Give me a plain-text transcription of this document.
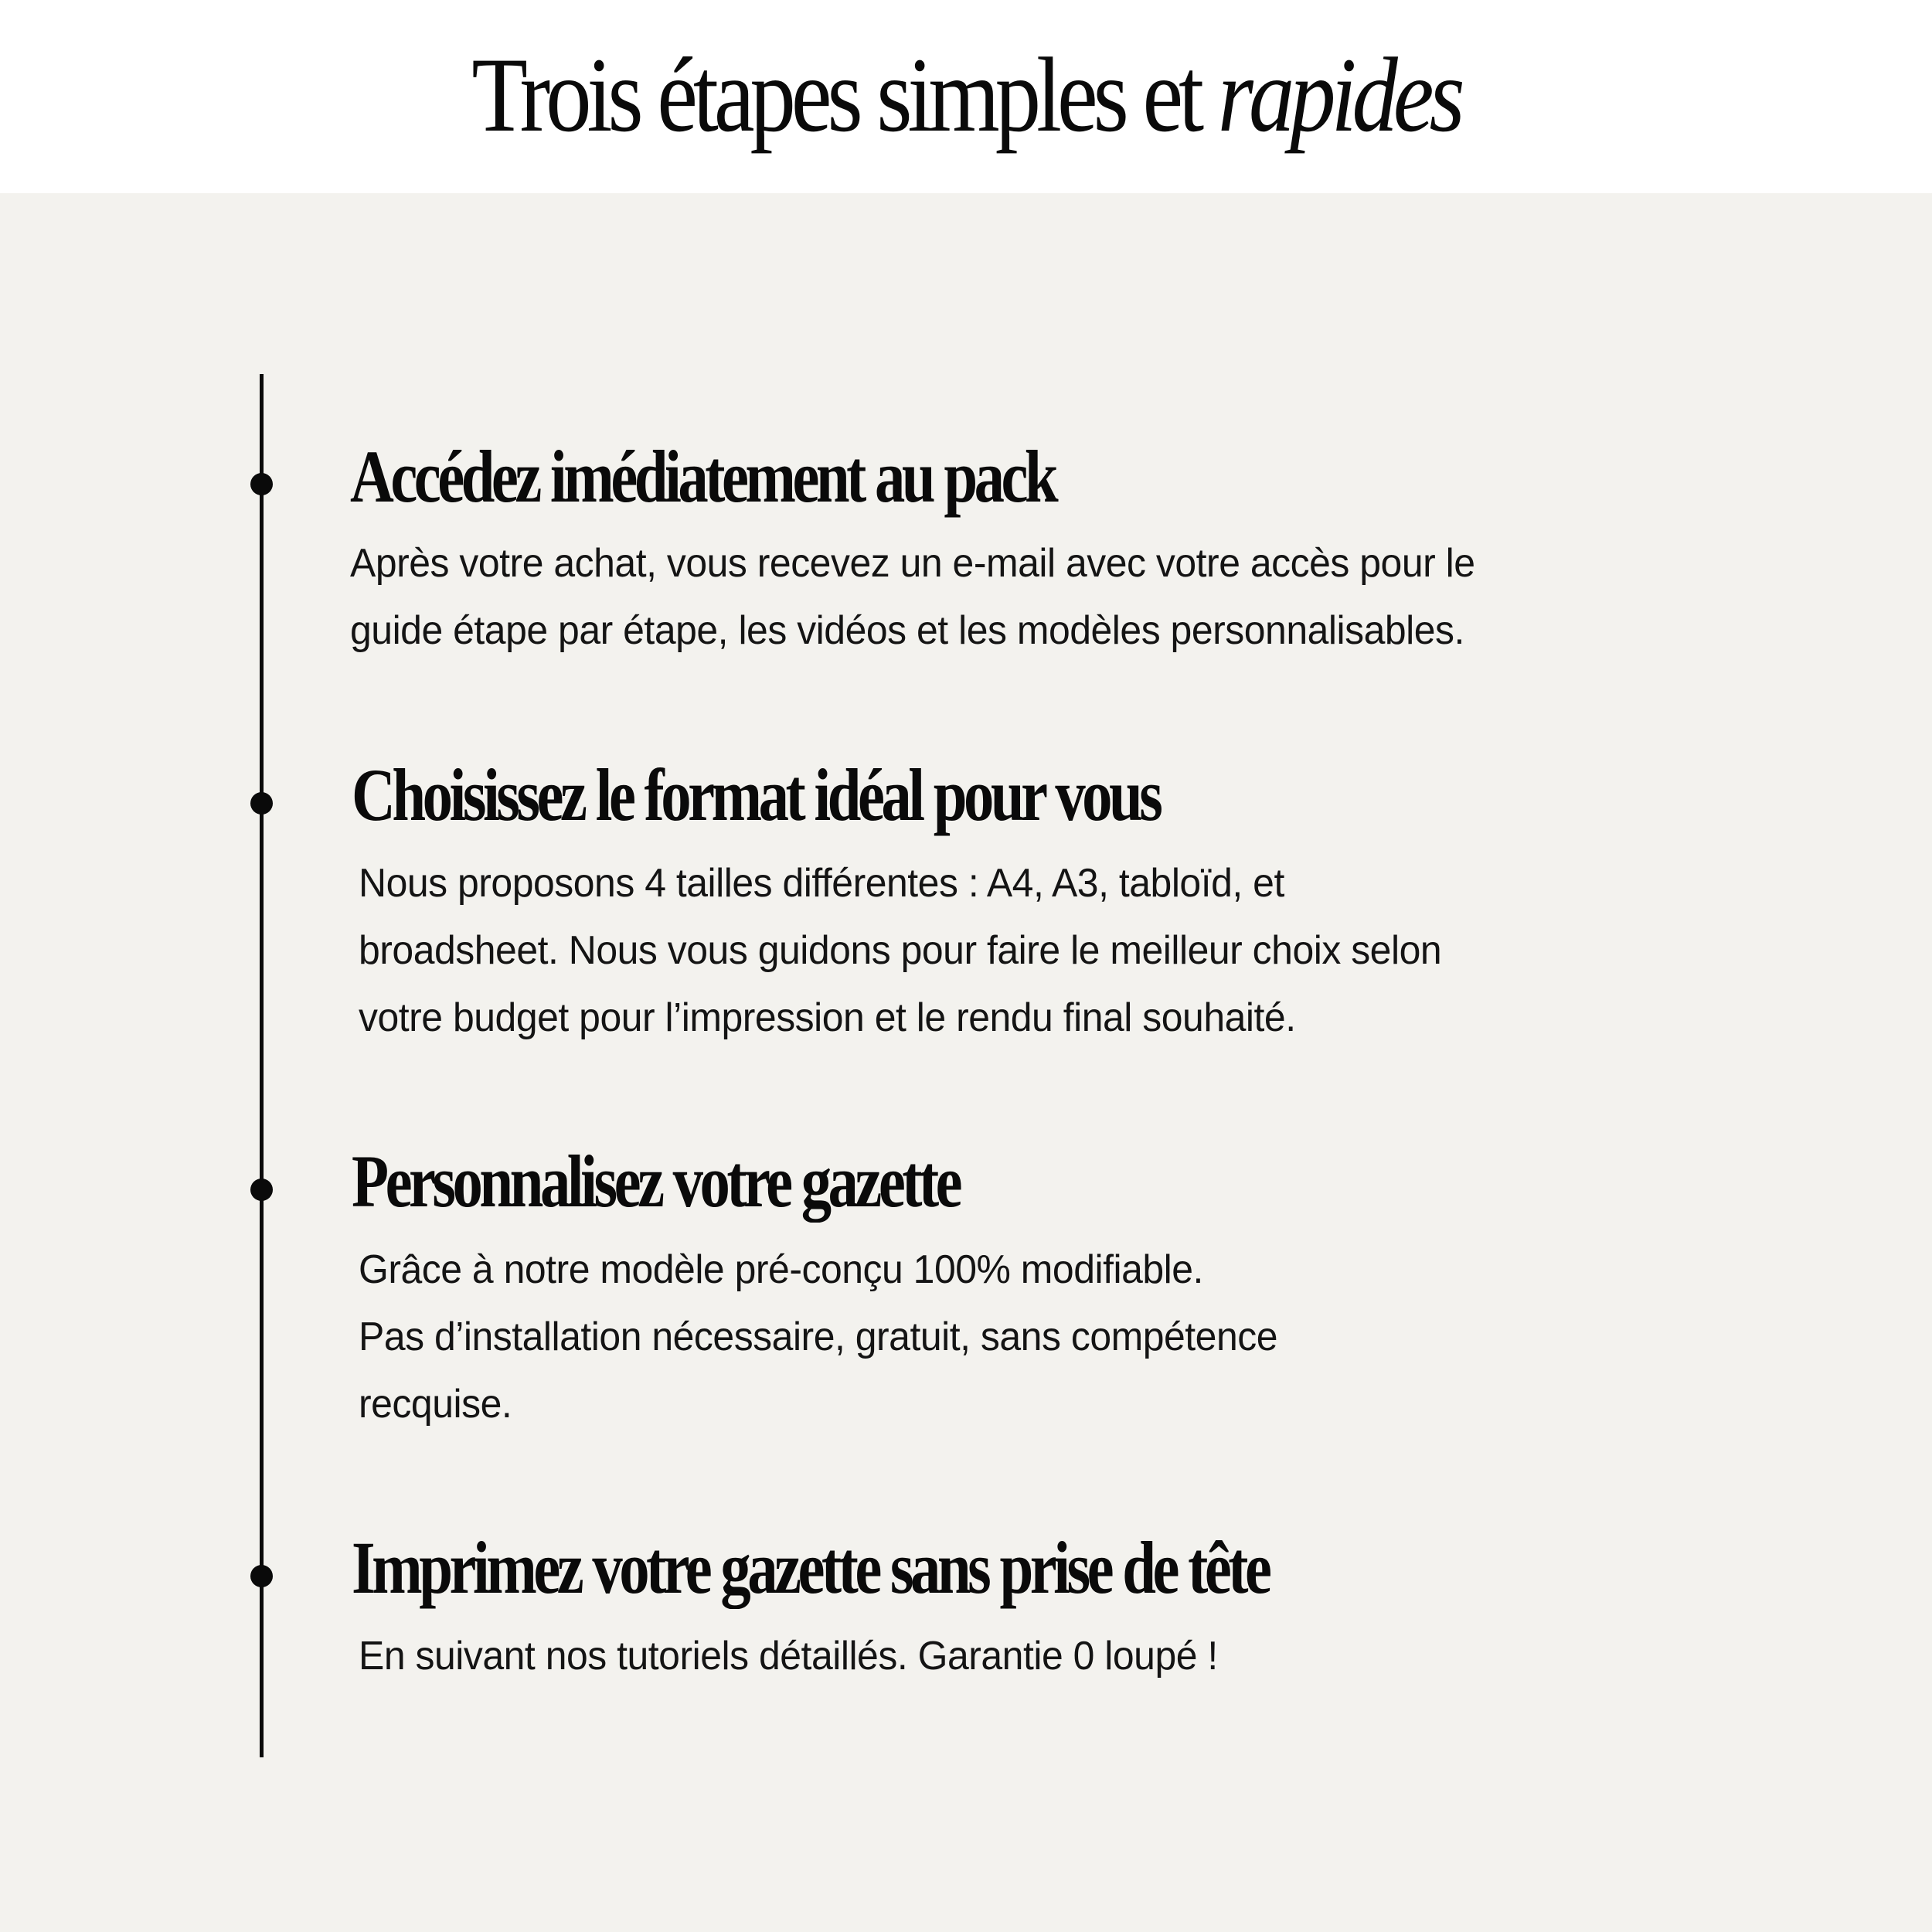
Trois étapes simples et rapides
Accédez imédiatement au pack
Après votre achat, vous recevez un e-mail avec votre accès pour le
guide étape par étape, les vidéos et les modèles personnalisables.
Choisissez le format idéal pour vous
Nous proposons 4 tailles différentes : A4, A3, tabloïd, et
broadsheet. Nous vous guidons pour faire le meilleur choix selon
votre budget pour l’impression et le rendu final souhaité.
Personnalisez votre gazette
Grâce à notre modèle pré-conçu 100% modifiable.
Pas d’installation nécessaire, gratuit, sans compétence
recquise.
Imprimez votre gazette sans prise de tête
En suivant nos tutoriels détaillés. Garantie 0 loupé !
